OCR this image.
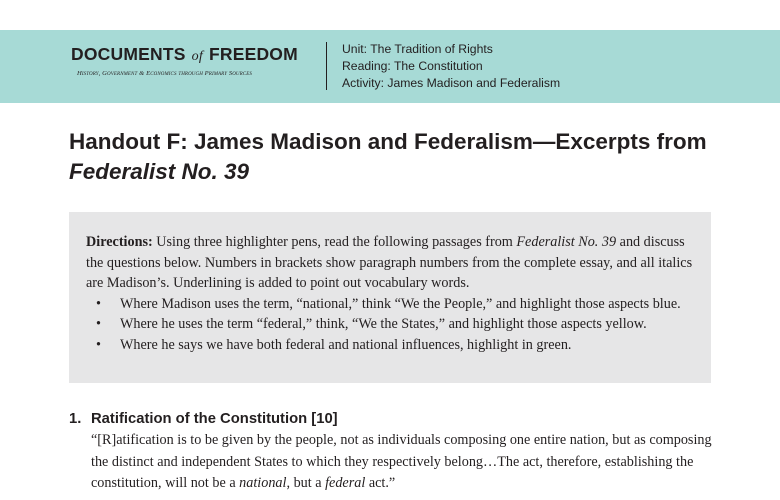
DOCUMENTS of FREEDOM
History, Government & Economics through Primary Sources
Unit: The Tradition of Rights
Reading: The Constitution
Activity: James Madison and Federalism
Handout F: James Madison and Federalism—Excerpts from Federalist No. 39
Directions: Using three highlighter pens, read the following passages from Federalist No. 39 and discuss the questions below. Numbers in brackets show paragraph numbers from the complete essay, and all italics are Madison’s. Underlining is added to point out vocabulary words.
• Where Madison uses the term, “national,” think “We the People,” and highlight those aspects blue.
• Where he uses the term “federal,” think, “We the States,” and highlight those aspects yellow.
• Where he says we have both federal and national influences, highlight in green.
1. Ratification of the Constitution [10]
“[R]atification is to be given by the people, not as individuals composing one entire nation, but as composing the distinct and independent States to which they respectively belong…The act, therefore, establishing the constitution, will not be a national, but a federal act.”
